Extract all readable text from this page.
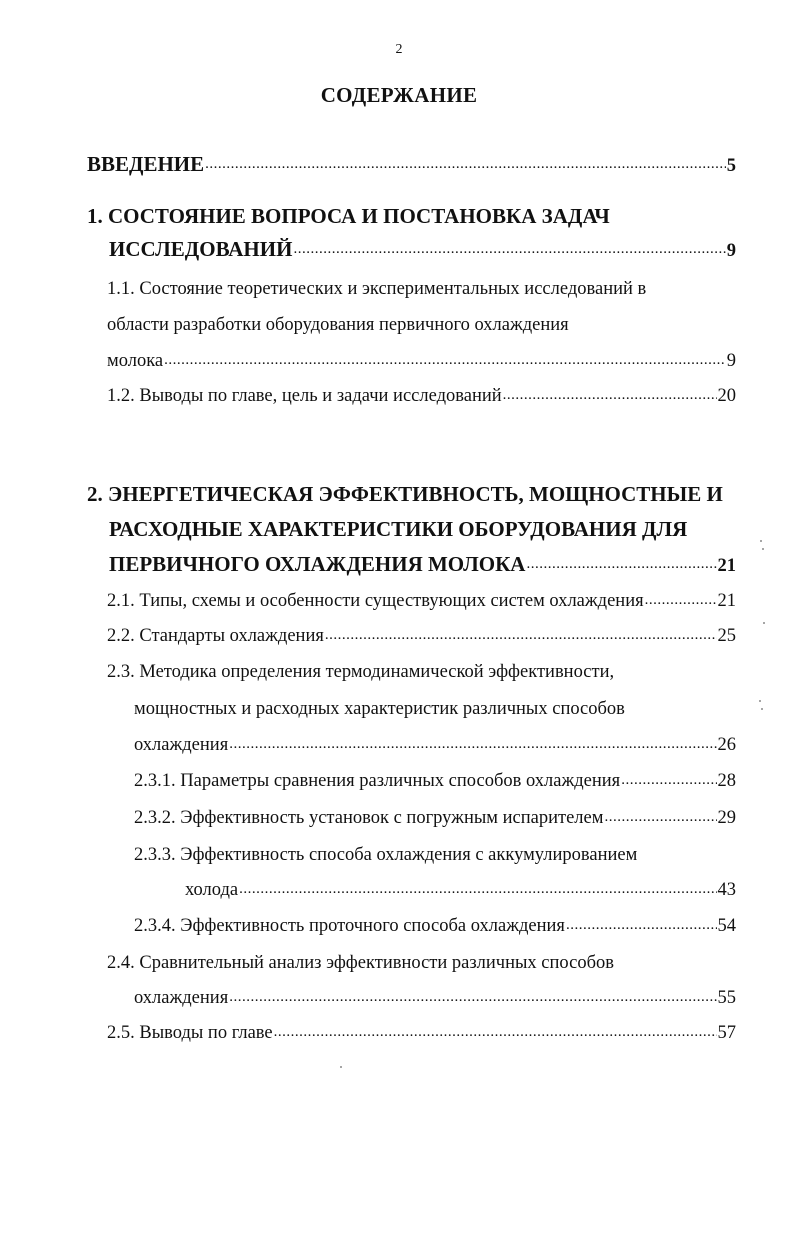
2
СОДЕРЖАНИЕ
ВВЕДЕНИЕ .....	5
1. СОСТОЯНИЕ ВОПРОСА И ПОСТАНОВКА ЗАДАЧ
ИССЛЕДОВАНИЙ .....	9
1.1. Состояние теоретических и экспериментальных исследований в
области разработки оборудования первичного охлаждения
молока .....	9
1.2. Выводы по главе, цель и задачи исследований .....	20
2. ЭНЕРГЕТИЧЕСКАЯ ЭФФЕКТИВНОСТЬ, МОЩНОСТНЫЕ И
РАСХОДНЫЕ ХАРАКТЕРИСТИКИ ОБОРУДОВАНИЯ ДЛЯ
ПЕРВИЧНОГО ОХЛАЖДЕНИЯ МОЛОКА .....	21
2.1. Типы, схемы и особенности существующих систем охлаждения .....	21
2.2. Стандарты охлаждения .....	25
2.3. Методика определения термодинамической эффективности,
мощностных и расходных характеристик различных способов
охлаждения .....	26
2.3.1. Параметры сравнения различных способов охлаждения .....	28
2.3.2. Эффективность установок с погружным испарителем .....	29
2.3.3. Эффективность способа охлаждения с аккумулированием
холода .....	43
2.3.4. Эффективность проточного способа охлаждения .....	54
2.4. Сравнительный анализ эффективности различных способов
охлаждения .....	55
2.5. Выводы по главе .....	57
